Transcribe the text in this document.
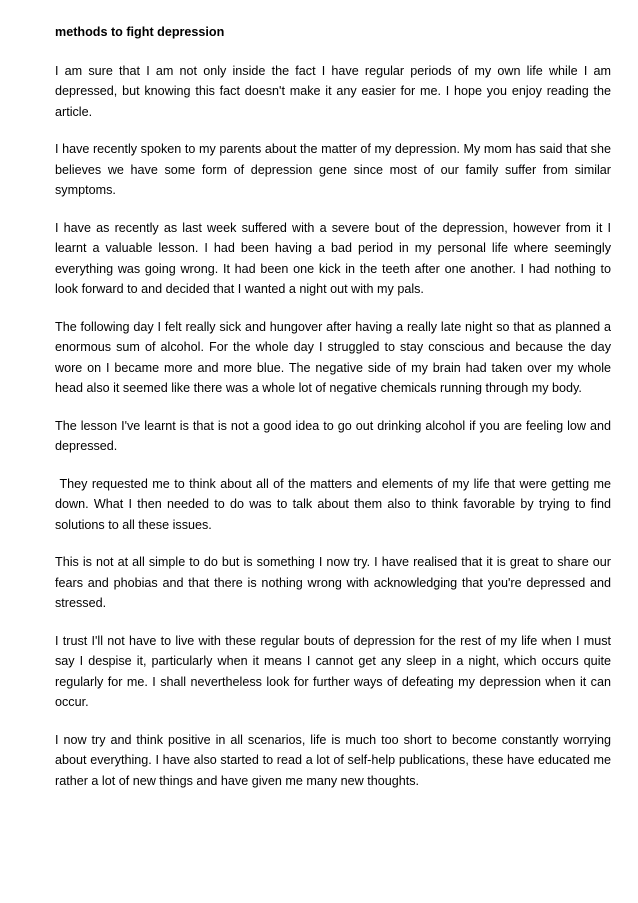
methods to fight depression

I am sure that I am not only inside the fact I have regular periods of my own life while I am depressed, but knowing this fact doesn't make it any easier for me. I hope you enjoy reading the article.

I have recently spoken to my parents about the matter of my depression. My mom has said that she believes we have some form of depression gene since most of our family suffer from similar symptoms.

I have as recently as last week suffered with a severe bout of the depression, however from it I learnt a valuable lesson. I had been having a bad period in my personal life where seemingly everything was going wrong. It had been one kick in the teeth after one another. I had nothing to look forward to and decided that I wanted a night out with my pals.

The following day I felt really sick and hungover after having a really late night so that as planned a enormous sum of alcohol. For the whole day I struggled to stay conscious and because the day wore on I became more and more blue. The negative side of my brain had taken over my whole head also it seemed like there was a whole lot of negative chemicals running through my body.

The lesson I've learnt is that is not a good idea to go out drinking alcohol if you are feeling low and depressed.

They requested me to think about all of the matters and elements of my life that were getting me down. What I then needed to do was to talk about them also to think favorable by trying to find solutions to all these issues.

This is not at all simple to do but is something I now try. I have realised that it is great to share our fears and phobias and that there is nothing wrong with acknowledging that you're depressed and stressed.

I trust I'll not have to live with these regular bouts of depression for the rest of my life when I must say I despise it, particularly when it means I cannot get any sleep in a night, which occurs quite regularly for me. I shall nevertheless look for further ways of defeating my depression when it can occur.

I now try and think positive in all scenarios, life is much too short to become constantly worrying about everything. I have also started to read a lot of self-help publications, these have educated me rather a lot of new things and have given me many new thoughts.
